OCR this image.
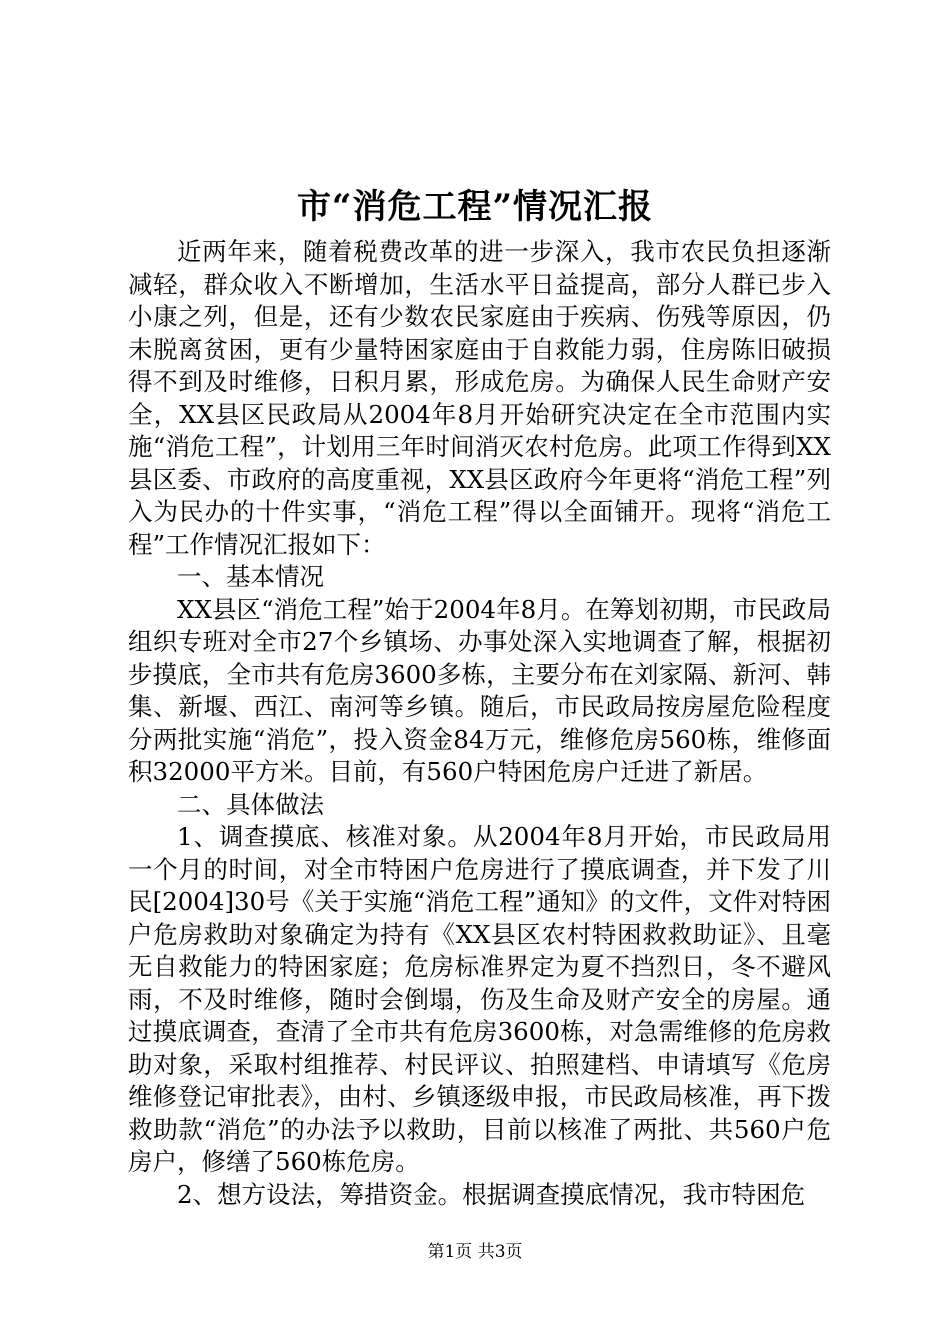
市“消危工程”情况汇报

近两年来，随着税费改革的进一步深入，我市农民负担逐渐减轻，群众收入不断增加，生活水平日益提高，部分人群已步入小康之列，但是，还有少数农民家庭由于疾病、伤残等原因，仍未脱离贫困，更有少量特困家庭由于自救能力弱，住房陈旧破损得不到及时维修，日积月累，形成危房。为确保人民生命财产安全，XX县区民政局从2004年8月开始研究决定在全市范围内实施“消危工程”，计划用三年时间消灭农村危房。此项工作得到XX县区委、市政府的高度重视，XX县区政府今年更将“消危工程”列入为民办的十件实事，“消危工程”得以全面铺开。现将“消危工程”工作情况汇报如下：

一、基本情况

XX县区“消危工程”始于2004年8月。在筹划初期，市民政局组织专班对全市27个乡镇场、办事处深入实地调查了解，根据初步摸底，全市共有危房3600多栋，主要分布在刘家隔、新河、韩集、新堰、西江、南河等乡镇。随后，市民政局按房屋危险程度分两批实施“消危”，投入资金84万元，维修危房560栋，维修面积32000平方米。目前，有560户特困危房户迁进了新居。

二、具体做法

1、调查摸底、核准对象。从2004年8月开始，市民政局用一个月的时间，对全市特困户危房进行了摸底调查，并下发了川民[2004]30号《关于实施“消危工程”通知》的文件，文件对特困户危房救助对象确定为持有《XX县区农村特困救救助证》、且毫无自救能力的特困家庭；危房标准界定为夏不挡烈日，冬不避风雨，不及时维修，随时会倒塌，伤及生命及财产安全的房屋。通过摸底调查，查清了全市共有危房3600栋，对急需维修的危房救助对象，采取村组推荐、村民评议、拍照建档、申请填写《危房维修登记审批表》，由村、乡镇逐级申报，市民政局核准，再下拨救助款“消危”的办法予以救助，目前以核准了两批、共560户危房户，修缮了560栋危房。

2、想方设法，筹措资金。根据调查摸底情况，我市特困危

第1页 共3页
